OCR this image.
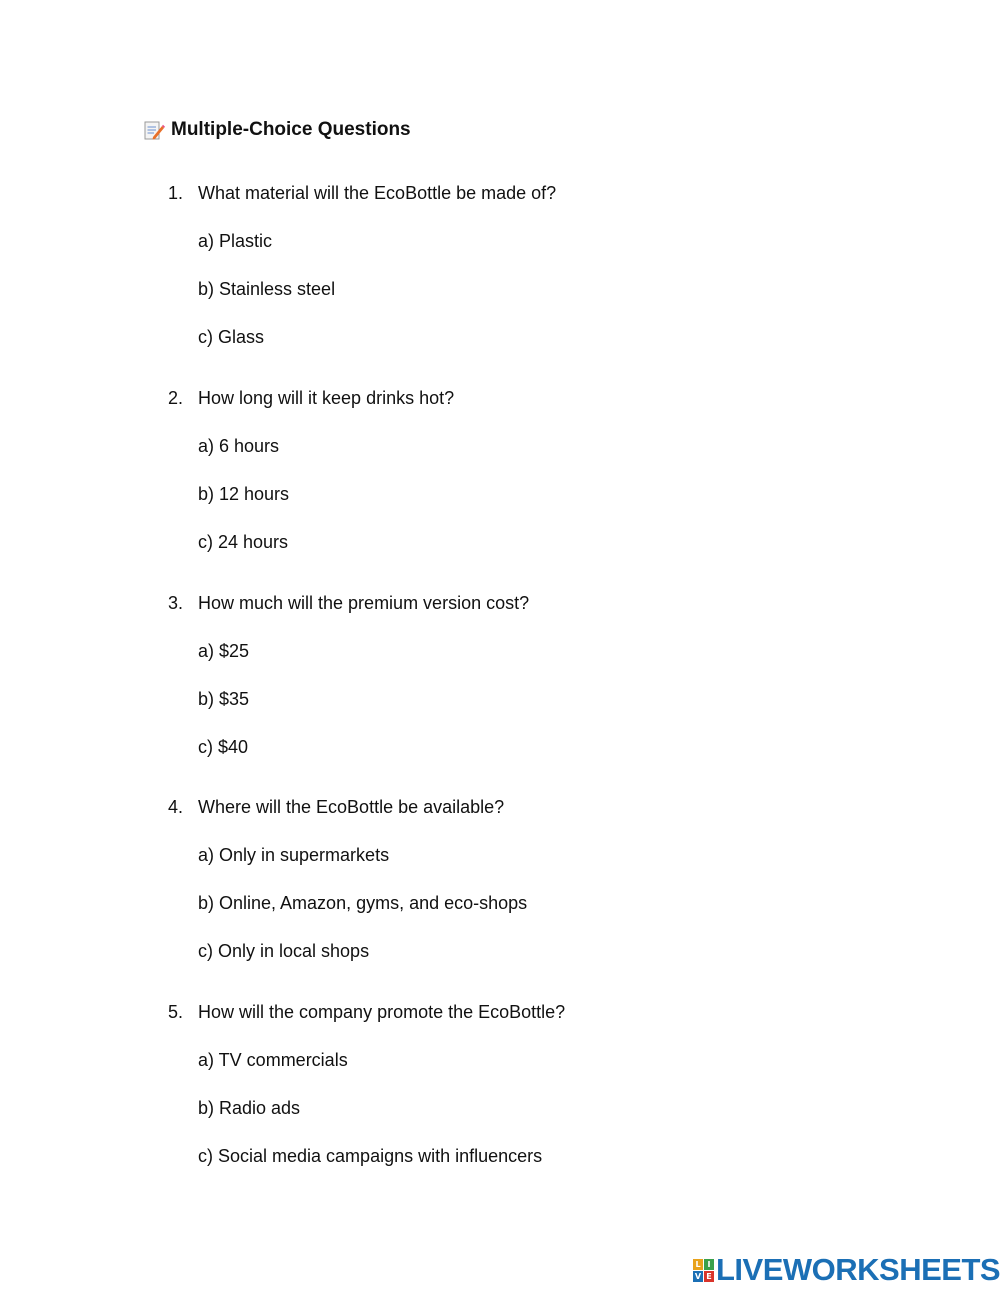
Multiple-Choice Questions
1. What material will the EcoBottle be made of?
a) Plastic
b) Stainless steel
c) Glass
2. How long will it keep drinks hot?
a) 6 hours
b) 12 hours
c) 24 hours
3. How much will the premium version cost?
a) $25
b) $35
c) $40
4. Where will the EcoBottle be available?
a) Only in supermarkets
b) Online, Amazon, gyms, and eco-shops
c) Only in local shops
5. How will the company promote the EcoBottle?
a) TV commercials
b) Radio ads
c) Social media campaigns with influencers
L I
V E LIVEWORKSHEETS
